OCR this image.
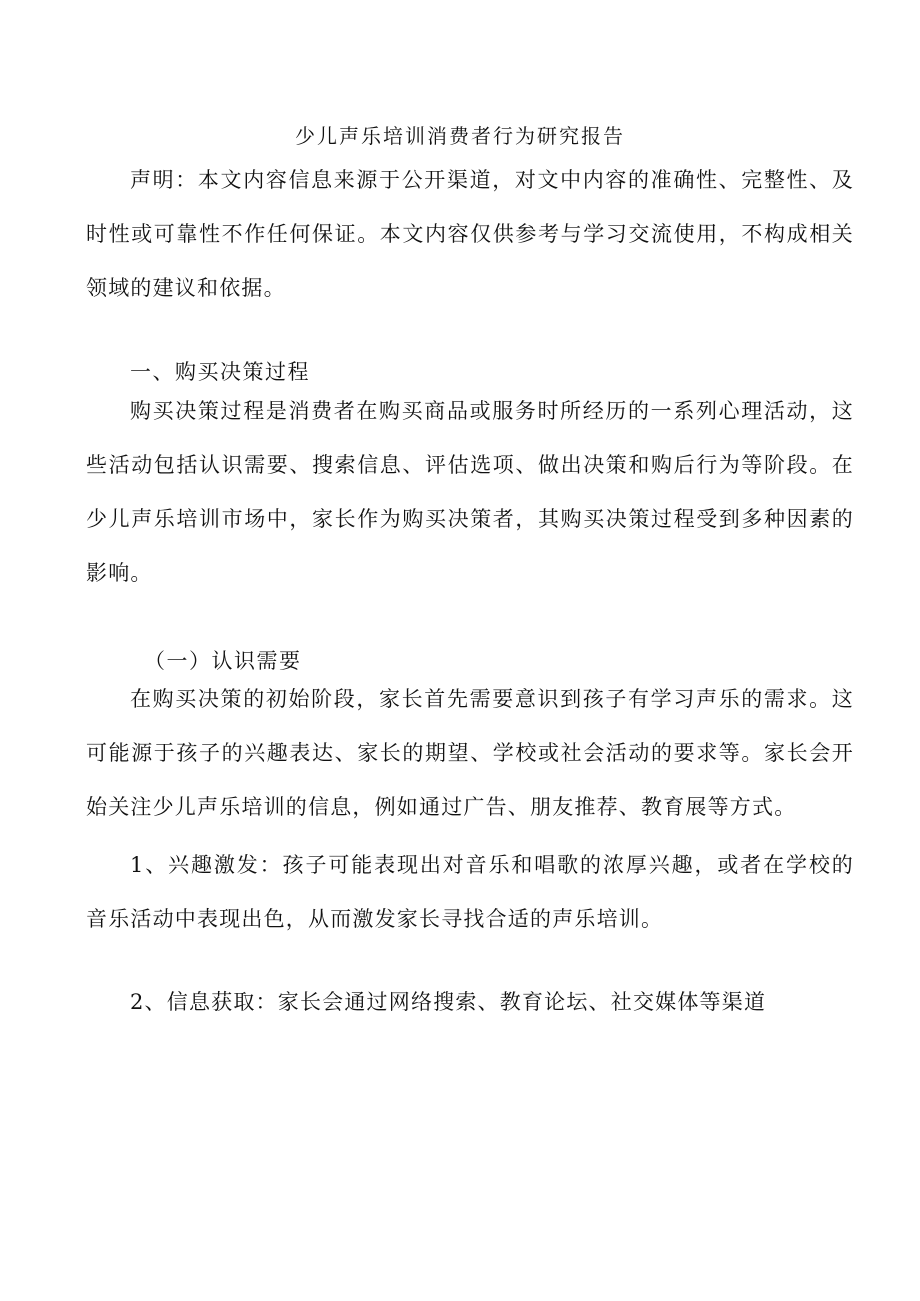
少儿声乐培训消费者行为研究报告

声明：本文内容信息来源于公开渠道，对文中内容的准确性、完整性、及时性或可靠性不作任何保证。本文内容仅供参考与学习交流使用，不构成相关领域的建议和依据。

一、购买决策过程

购买决策过程是消费者在购买商品或服务时所经历的一系列心理活动，这些活动包括认识需要、搜索信息、评估选项、做出决策和购后行为等阶段。在少儿声乐培训市场中，家长作为购买决策者，其购买决策过程受到多种因素的影响。

（一）认识需要

在购买决策的初始阶段，家长首先需要意识到孩子有学习声乐的需求。这可能源于孩子的兴趣表达、家长的期望、学校或社会活动的要求等。家长会开始关注少儿声乐培训的信息，例如通过广告、朋友推荐、教育展等方式。

1、兴趣激发：孩子可能表现出对音乐和唱歌的浓厚兴趣，或者在学校的音乐活动中表现出色，从而激发家长寻找合适的声乐培训。

2、信息获取：家长会通过网络搜索、教育论坛、社交媒体等渠道
